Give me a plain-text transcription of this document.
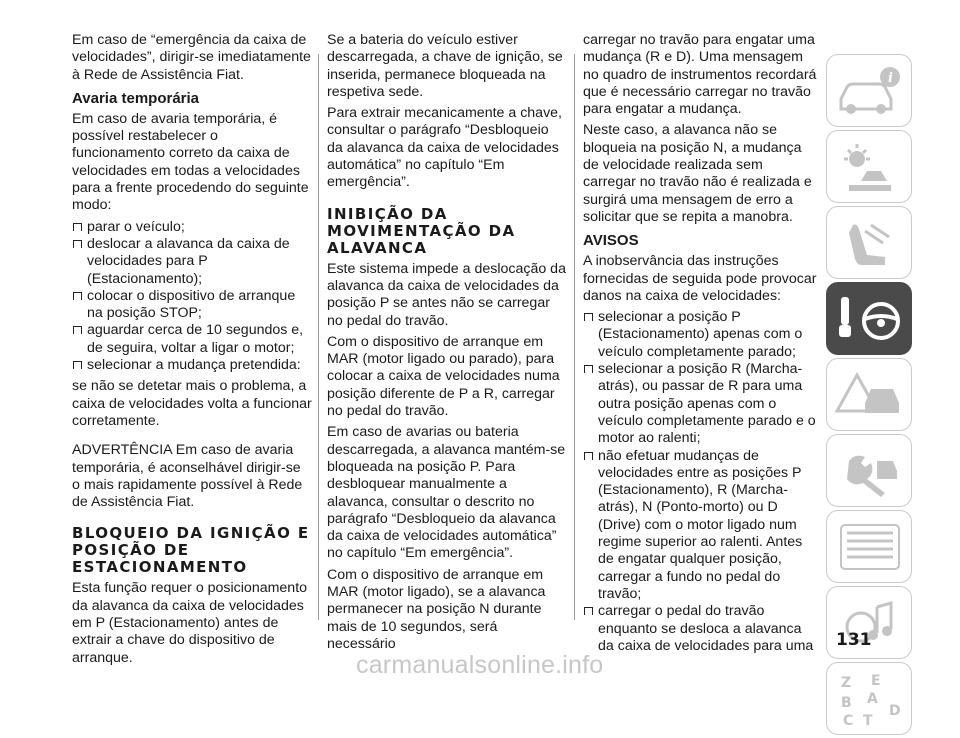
Em caso de “emergência da caixa de velocidades”, dirigir-se imediatamente à Rede de Assistência Fiat.

Avaria temporária

Em caso de avaria temporária, é possível restabelecer o funcionamento correto da caixa de velocidades em todas a velocidades para a frente procedendo do seguinte modo:

parar o veículo;
deslocar a alavanca da caixa de velocidades para P (Estacionamento);
colocar o dispositivo de arranque na posição STOP;
aguardar cerca de 10 segundos e, de seguira, voltar a ligar o motor;
selecionar a mudança pretendida:

se não se detetar mais o problema, a caixa de velocidades volta a funcionar corretamente.

ADVERTÊNCIA Em caso de avaria temporária, é aconselhável dirigir-se o mais rapidamente possível à Rede de Assistência Fiat.

BLOQUEIO DA IGNIÇÃO E POSIÇÃO DE ESTACIONAMENTO

Esta função requer o posicionamento da alavanca da caixa de velocidades em P (Estacionamento) antes de extrair a chave do dispositivo de arranque.

Se a bateria do veículo estiver descarregada, a chave de ignição, se inserida, permanece bloqueada na respetiva sede.

Para extrair mecanicamente a chave, consultar o parágrafo “Desbloqueio da alavanca da caixa de velocidades automática” no capítulo “Em emergência”.

INIBIÇÃO DA MOVIMENTAÇÃO DA ALAVANCA

Este sistema impede a deslocação da alavanca da caixa de velocidades da posição P se antes não se carregar no pedal do travão.

Com o dispositivo de arranque em MAR (motor ligado ou parado), para colocar a caixa de velocidades numa posição diferente de P a R, carregar no pedal do travão.

Em caso de avarias ou bateria descarregada, a alavanca mantém-se bloqueada na posição P. Para desbloquear manualmente a alavanca, consultar o descrito no parágrafo “Desbloqueio da alavanca da caixa de velocidades automática” no capítulo “Em emergência”.

Com o dispositivo de arranque em MAR (motor ligado), se a alavanca permanecer na posição N durante mais de 10 segundos, será necessário

carregar no travão para engatar uma mudança (R e D). Uma mensagem no quadro de instrumentos recordará que é necessário carregar no travão para engatar a mudança.

Neste caso, a alavanca não se bloqueia na posição N, a mudança de velocidade realizada sem carregar no travão não é realizada e surgirá uma mensagem de erro a solicitar que se repita a manobra.

AVISOS

A inobservância das instruções fornecidas de seguida pode provocar danos na caixa de velocidades:

selecionar a posição P (Estacionamento) apenas com o veículo completamente parado;
selecionar a posição R (Marcha-atrás), ou passar de R para uma outra posição apenas com o veículo completamente parado e o motor ao ralenti;
não efetuar mudanças de velocidades entre as posições P (Estacionamento), R (Marcha-atrás), N (Ponto-morto) ou D (Drive) com o motor ligado num regime superior ao ralenti. Antes de engatar qualquer posição, carregar a fundo no pedal do travão;
carregar o pedal do travão enquanto se desloca a alavanca da caixa de velocidades para uma
i
Z E
A
B
C T
D
131
carmanualsonline.info
